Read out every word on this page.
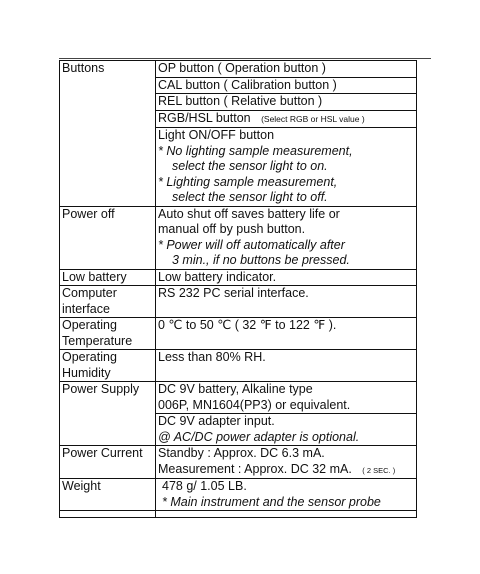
Buttons	OP button ( Operation button )
	CAL button ( Calibration button )
	REL button ( Relative button )
	RGB/HSL button (Select RGB or HSL value )

	Light ON/OFF button
* No lighting sample measurement,
select the sensor light to on.
* Lighting sample measurement,
select the sensor light to off.

Power off	Auto shut off saves battery life or
manual off by push button.
* Power will off automatically after
3 min., if no buttons be pressed.

Low battery	Low battery indicator.

Computer
interface	RS 232 PC serial interface.

Operating
Temperature	0 ℃ to 50 ℃ ( 32 ℉ to 122 ℉ ).

Operating
Humidity	Less than 80% RH.
Power Supply	DC 9V battery, Alkaline type
006P, MN1604(PP3) or equivalent.

	DC 9V adapter input.
@ AC/DC power adapter is optional.

Power Current	Standby : Approx. DC 6.3 mA.
Measurement : Approx. DC 32 mA. ( 2 SEC. )

Weight	478 g/ 1.05 LB.
* Main instrument and the sensor probe
